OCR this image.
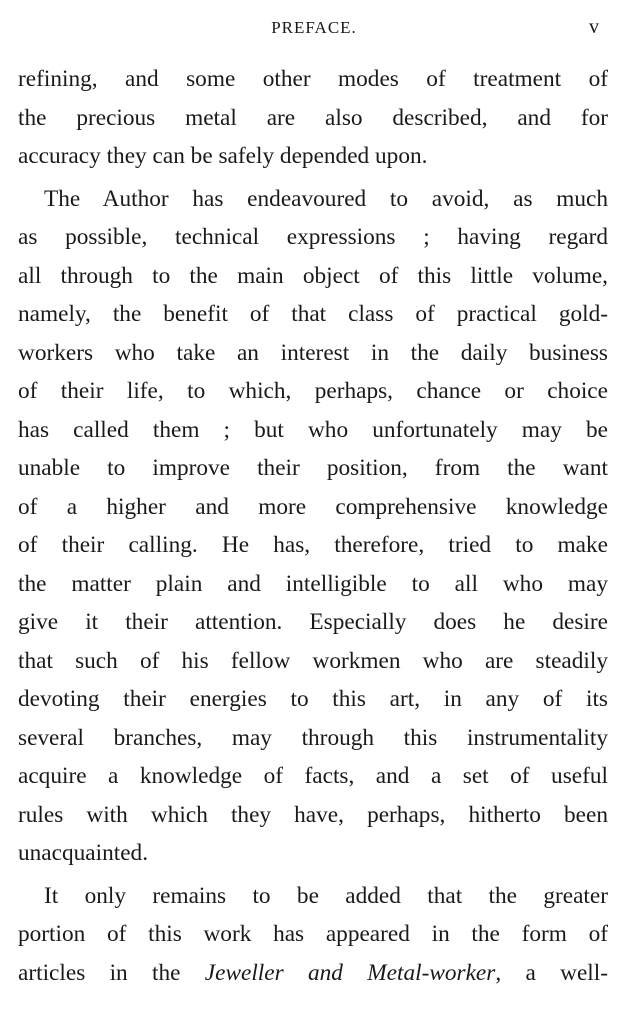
PREFACE.	v
refining, and some other modes of treatment of
the precious metal are also described, and for
accuracy they can be safely depended upon.
The Author has endeavoured to avoid, as much
as possible, technical expressions ; having regard
all through to the main object of this little volume,
namely, the benefit of that class of practical gold-
workers who take an interest in the daily business
of their life, to which, perhaps, chance or choice
has called them ; but who unfortunately may be
unable to improve their position, from the want
of a higher and more comprehensive knowledge
of their calling. He has, therefore, tried to make
the matter plain and intelligible to all who may
give it their attention. Especially does he desire
that such of his fellow workmen who are steadily
devoting their energies to this art, in any of its
several branches, may through this instrumentality
acquire a knowledge of facts, and a set of useful
rules with which they have, perhaps, hitherto been
unacquainted.
It only remains to be added that the greater
portion of this work has appeared in the form of
articles in the Jeweller and Metal-worker, a well-
